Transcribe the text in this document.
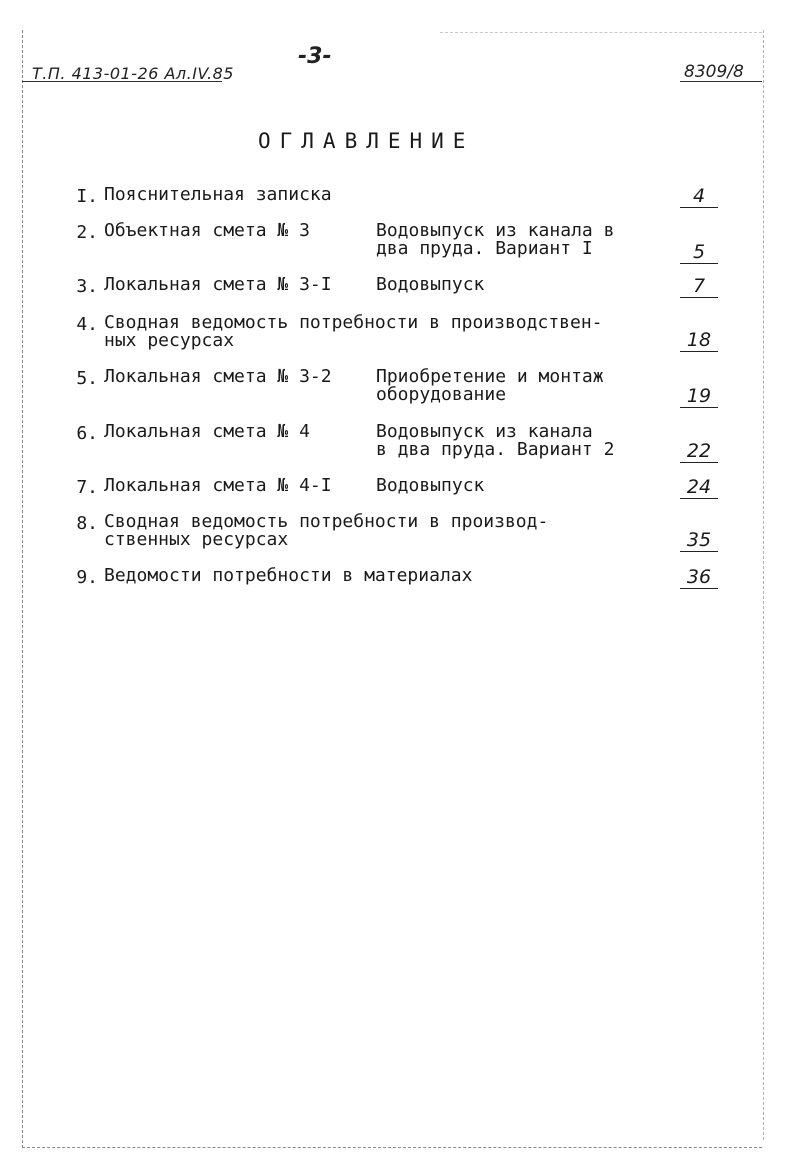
Т.П. 413-01-26 Ал.IV.85
-3-
8309/8
ОГЛАВЛЕНИЕ
I. Пояснительная записка	4
2. Объектная смета № 3	Водовыпуск из канала в
два пруда. Вариант I	5
3. Локальная смета № 3-I Водовыпуск	7
4. Сводная ведомость потребности в производствен-
ных ресурсах	18
5. Локальная смета № 3-2 Приобретение и монтаж
оборудование	19
6. Локальная смета № 4	Водовыпуск из канала
в два пруда. Вариант 2	22
7. Локальная смета № 4-I Водовыпуск	24
8. Сводная ведомость потребности в производ-
ственных ресурсах	35
9. Ведомости потребности в материалах	36
